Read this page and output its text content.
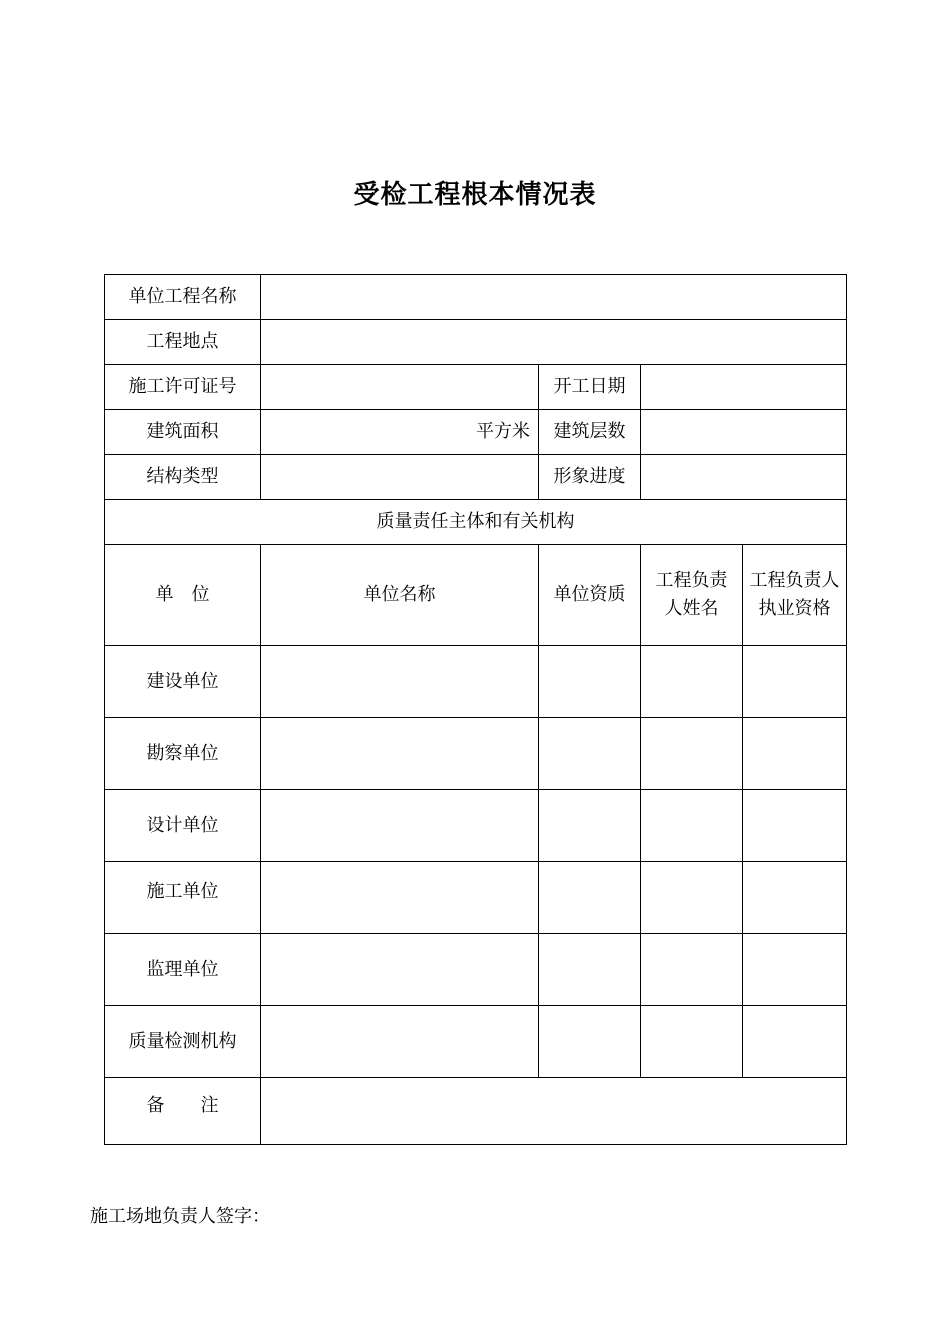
受检工程根本情况表
单位工程名称				
工程地点				
施工许可证号		开工日期		
建筑面积	平方米	建筑层数		
结构类型		形象进度		
质量责任主体和有关机构				
单　位	单位名称	单位资质	工程负责人姓名	工程负责人执业资格
建设单位				
勘察单位				
设计单位				
施工单位				
监理单位				
质量检测机构				
备　　注				
施工场地负责人签字：
